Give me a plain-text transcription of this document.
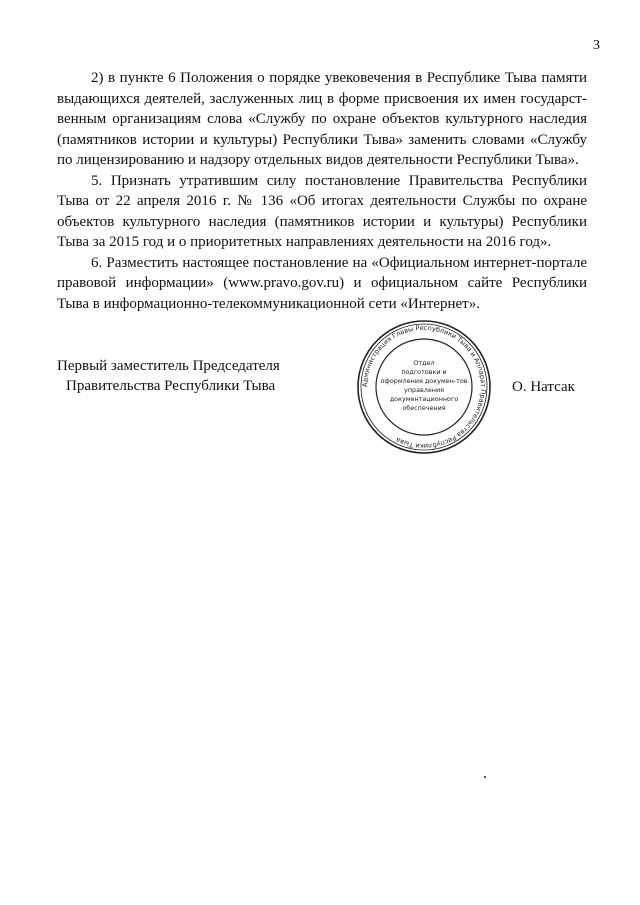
3

2) в пункте 6 Положения о порядке увековечения в Республике Тыва памяти выдающихся деятелей, заслуженных лиц в форме присвоения их имен государст-венным организациям слова «Службу по охране объектов культурного наследия (памятников истории и культуры) Республики Тыва» заменить словами «Службу по лицензированию и надзору отдельных видов деятельности Республики Тыва».

5. Признать утратившим силу постановление Правительства Республики Тыва от 22 апреля 2016 г. № 136 «Об итогах деятельности Службы по охране объектов культурного наследия (памятников истории и культуры) Республики Тыва за 2015 год и о приоритетных направлениях деятельности на 2016 год».

6. Разместить настоящее постановление на «Официальном интернет-портале правовой информации» (www.pravo.gov.ru) и официальном сайте Республики Тыва в информационно-телекоммуникационной сети «Интернет».

Первый заместитель Председателя
Правительства Республики Тыва	Администрация Главы Республики Тыва и Аппарат Правительства Республики Тыва
Отдел
подготовки и
оформления докумен-тов
управления
документационного
обеспечения
О. Натсак
